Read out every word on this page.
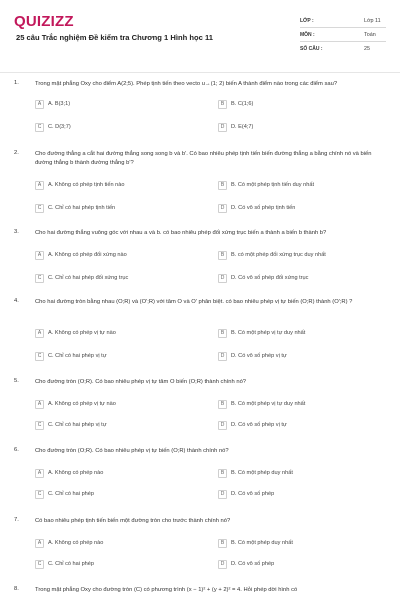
QUIZIZZ
25 câu Trắc nghiệm Đề kiểm tra Chương 1 Hình học 11
LỚP :	Lớp 11
MÔN :	Toán
SỐ CÂU :	25
1.	Trong mặt phẳng Oxy cho điểm A(2;5). Phép tịnh tiến theo vecto u→(1; 2) biến A thành điểm nào trong các điểm sau?
A	A. B(3;1)	B	B. C(1;6)
C	C. D(3;7)	D	D. E(4;7)
2.	Cho đường thẳng a cắt hai đường thẳng song song b và b'. Có bao nhiêu phép tịnh tiến biến đường thẳng a bằng chính nó và biến đường thẳng b thành đường thẳng b'?
A	A. Không có phép tịnh tiến nào	B	B. Có một phép tịnh tiến duy nhất
C	C. Chỉ có hai phép tịnh tiến	D	D. Có vô số phép tịnh tiến
3.	Cho hai đường thẳng vuông góc với nhau a và b. có bao nhiêu phép đối xứng trục biến a thành a biến b thành b?
A	A. Không có phép đối xứng nào	B	B. có một phép đối xứng trục duy nhất
C	C. Chỉ có hai phép đối xứng trục	D	D. Có vô số phép đối xứng trục
4.	Cho hai đường tròn bằng nhau (O;R) và (O';R) với tâm O và O' phân biệt. có bao nhiêu phép vị tự biến (O;R) thành (O';R) ?
A	A. Không có phép vị tự nào	B	B. Có một phép vị tự duy nhất
C	C. Chỉ có hai phép vị tự	D	D. Có vô số phép vị tự
5.	Cho đường tròn (O;R). Có bao nhiêu phép vị tự tâm O biến (O;R) thành chính nó?
A	A. Không có phép vị tự nào	B	B. Có một phép vị tự duy nhất
C	C. Chỉ có hai phép vị tự	D	D. Có vô số phép vị tự
6.	Cho đường tròn (O;R). Có bao nhiêu phép vị tự biến (O;R) thành chính nó?
A	A. Không có phép nào	B	B. Có một phép duy nhất
C	C. Chỉ có hai phép	D	D. Có vô số phép
7.	Có bao nhiêu phép tịnh tiến biến một đường tròn cho trước thành chính nó?
A	A. Không có phép nào	B	B. Có một phép duy nhất
C	C. Chỉ có hai phép	D	D. Có vô số phép
8.	Trong mặt phẳng Oxy cho đường tròn (C) có phương trình (x − 1)² + (y + 2)² = 4. Hỏi phép dời hình có
